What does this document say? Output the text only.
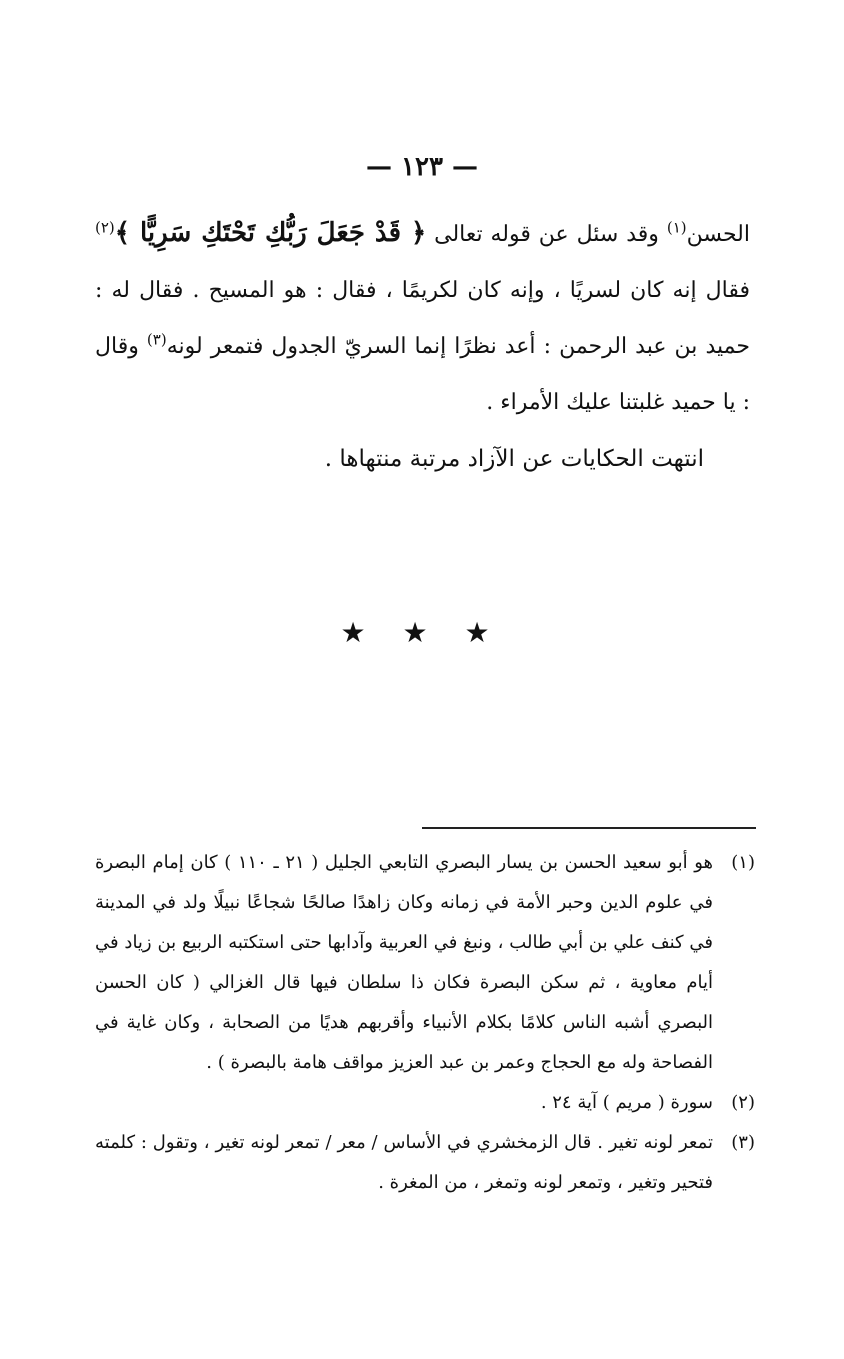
— ١٢٣ —

الحسن$^{(١)}$ وقد سئل عن قوله تعالى ﴿ قَدْ جَعَلَ رَبُّكِ تَحْتَكِ سَرِيًّا ﴾$^{(٢)}$ فقال إنه كان لسريًا ، وإنه كان لكريمًا ، فقال : هو المسيح . فقال له : حميد بن عبد الرحمن : أعد نظرًا إنما السريّ الجدول فتمعر لونه$^{(٣)}$ وقال : يا حميد غلبتنا عليك الأمراء .

انتهت الحكايات عن الآزاد مرتبة منتهاها .
★ ★ ★
(١)
هو أبو سعيد الحسن بن يسار البصري التابعي الجليل ( ٢١ ـ ١١٠ ) كان إمام البصرة في علوم الدين وحبر الأمة في زمانه وكان زاهدًا صالحًا شجاعًا نبيلًا ولد في المدينة في كنف علي بن أبي طالب ، ونبغ في العربية وآدابها حتى استكتبه الربيع بن زياد في أيام معاوية ، ثم سكن البصرة فكان ذا سلطان فيها قال الغزالي ( كان الحسن البصري أشبه الناس كلامًا بكلام الأنبياء وأقربهم هديًا من الصحابة ، وكان غاية في الفصاحة وله مع الحجاج وعمر بن عبد العزيز مواقف هامة بالبصرة ) .
(٢)
سورة ( مريم ) آية ٢٤ .
(٣)
تمعر لونه تغير . قال الزمخشري في الأساس / معر / تمعر لونه تغير ، وتقول : كلمته فتحير وتغير ، وتمعر لونه وتمغر ، من المغرة .
